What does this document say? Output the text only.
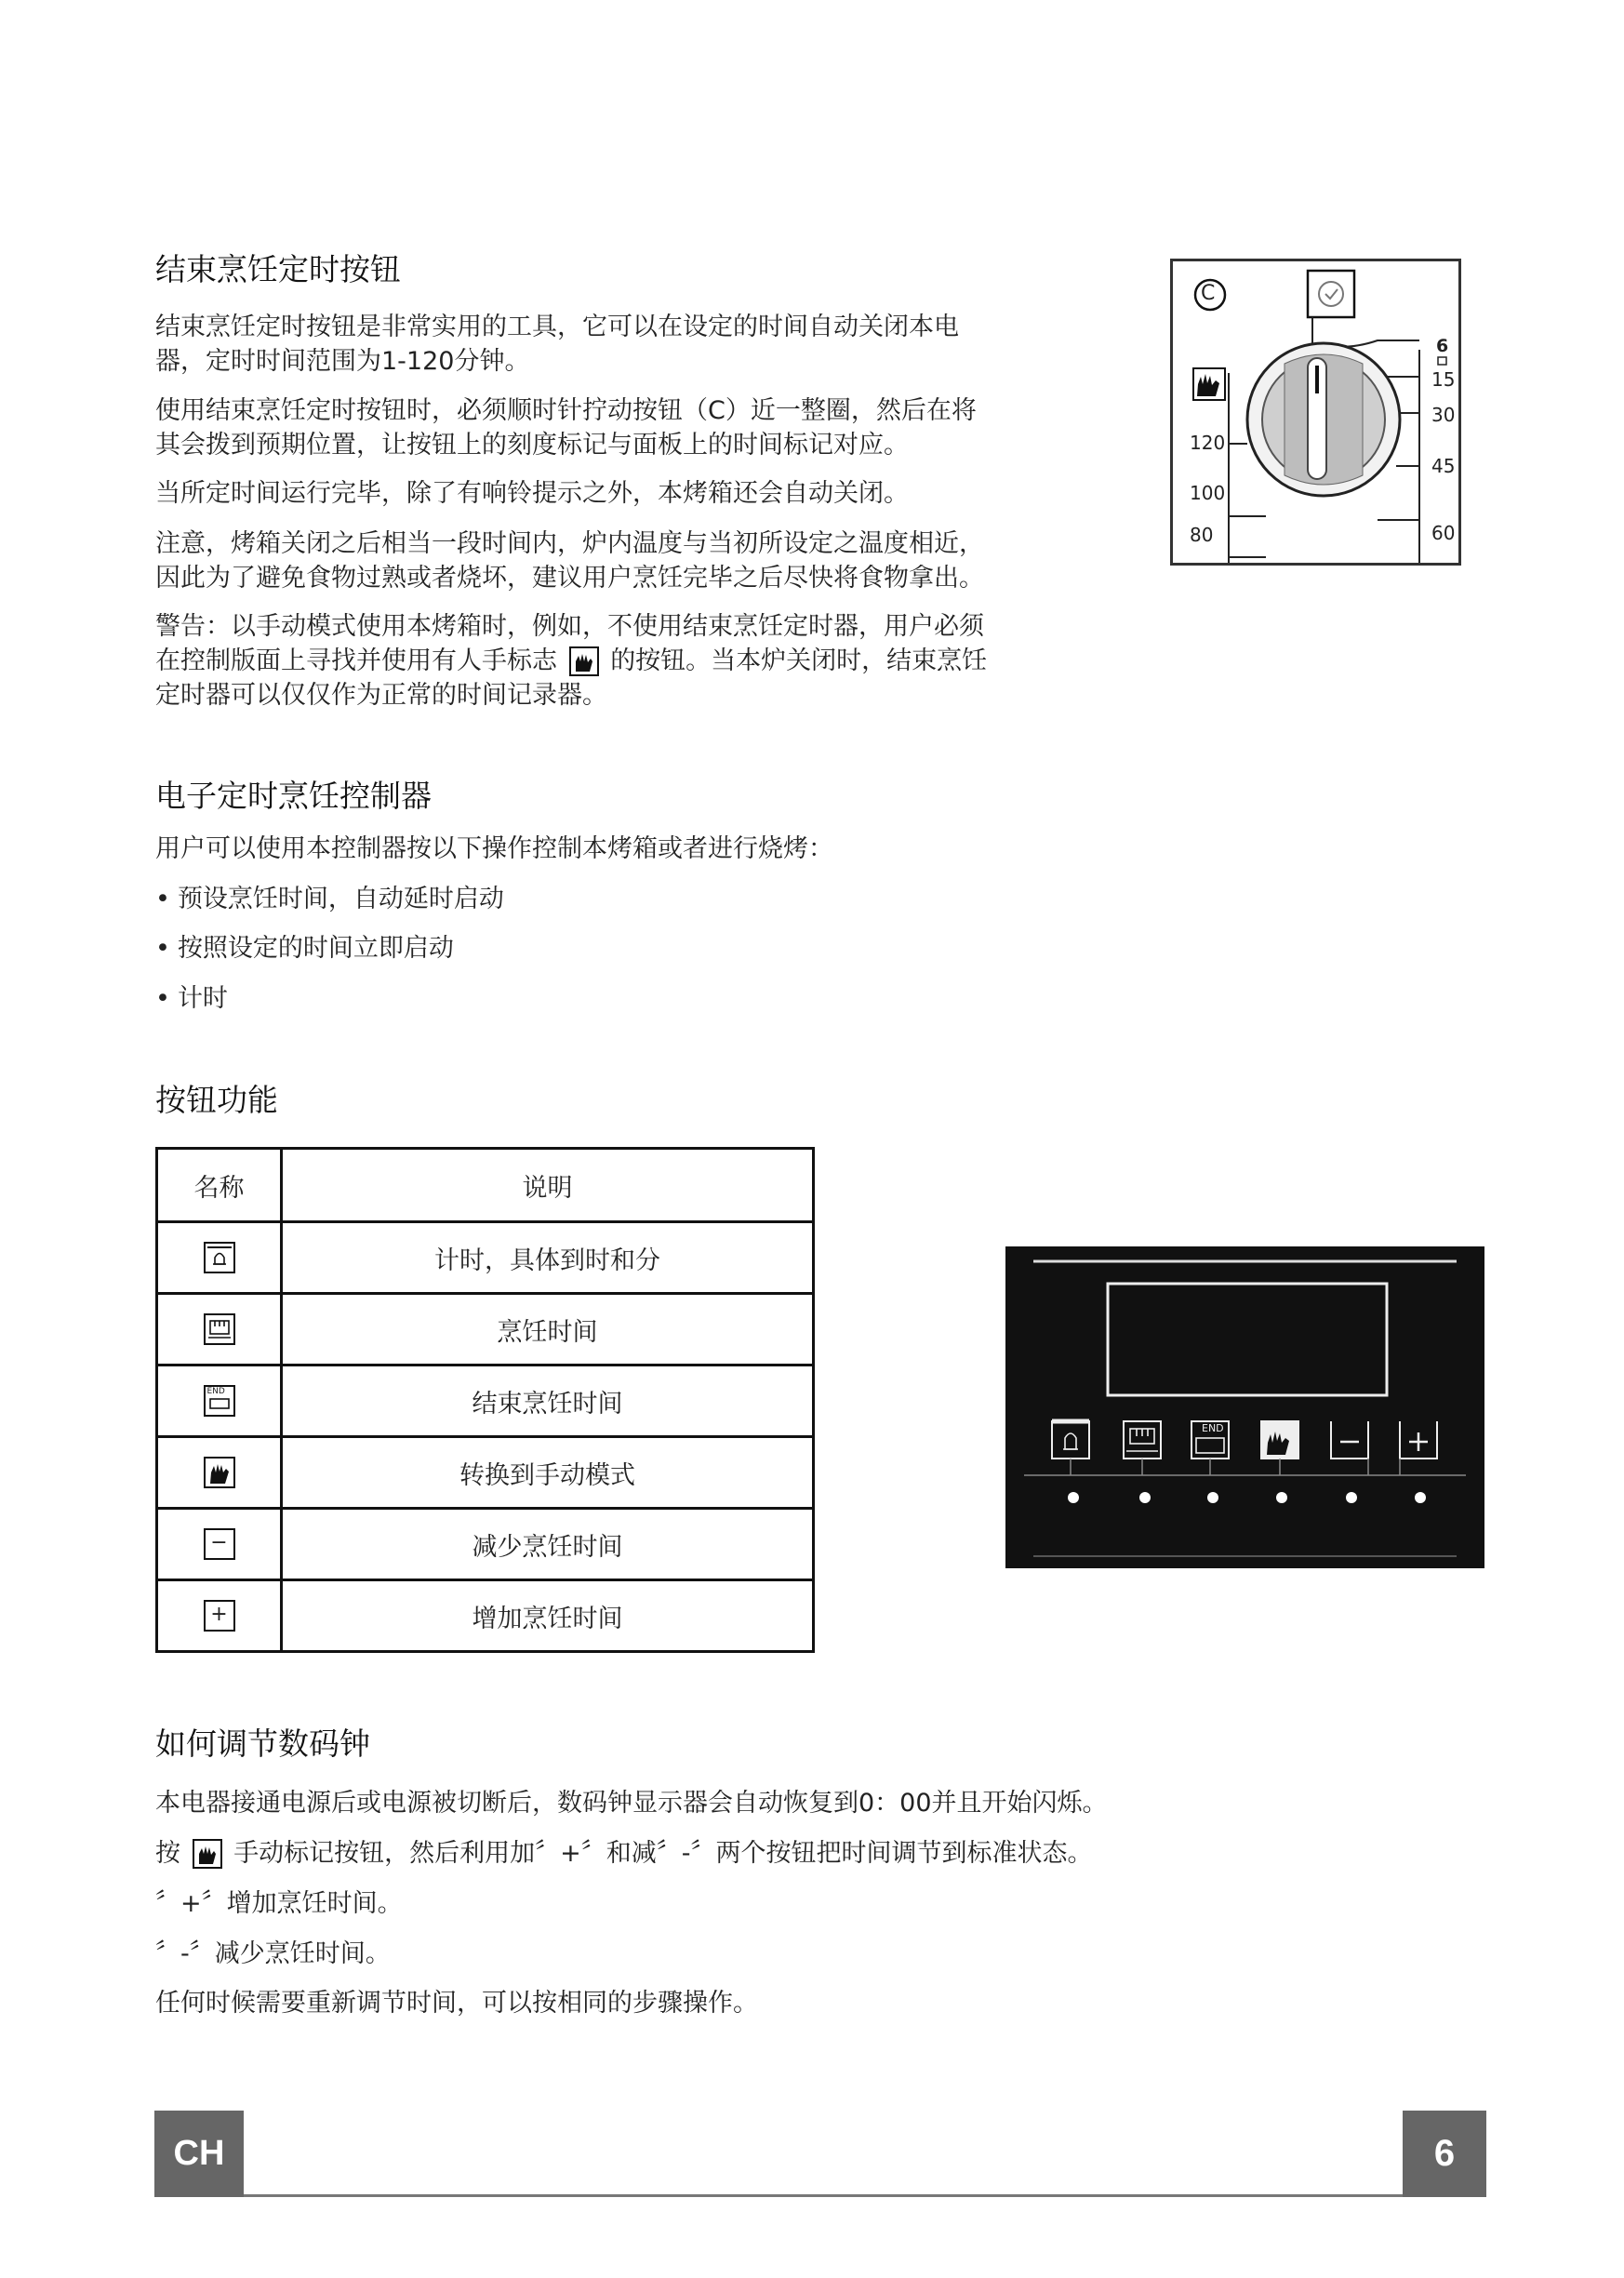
结束烹饪定时按钮

结束烹饪定时按钮是非常实用的工具，它可以在设定的时间自动关闭本电

器，定时时间范围为1-120分钟。

使用结束烹饪定时按钮时，必须顺时针拧动按钮（C）近一整圈，然后在将

其会拨到预期位置，让按钮上的刻度标记与面板上的时间标记对应。

当所定时间运行完毕，除了有响铃提示之外，本烤箱还会自动关闭。

注意，烤箱关闭之后相当一段时间内，炉内温度与当初所设定之温度相近，

因此为了避免食物过熟或者烧坏，建议用户烹饪完毕之后尽快将食物拿出。

警告：以手动模式使用本烤箱时，例如，不使用结束烹饪定时器，用户必须

在控制版面上寻找并使用有人手标志 的按钮。当本炉关闭时，结束烹饪

定时器可以仅仅作为正常的时间记录器。

C
6
120
100
80
15
30
45
60
电子定时烹饪控制器

用户可以使用本控制器按以下操作控制本烤箱或者进行烧烤：

• 预设烹饪时间，自动延时启动

• 按照设定的时间立即启动

• 计时

按钮功能
名称	说明

	计时，具体到时和分

	烹饪时间

END	结束烹饪时间

	转换到手动模式
−	减少烹饪时间
+	增加烹饪时间
END
如何调节数码钟

本电器接通电源后或电源被切断后，数码钟显示器会自动恢复到0：00并且开始闪烁。

按 手动标记按钮，然后利用加〞+〞和减〞-〞两个按钮把时间调节到标准状态。

〞+〞增加烹饪时间。

〞-〞减少烹饪时间。

任何时候需要重新调节时间，可以按相同的步骤操作。

CH	6
